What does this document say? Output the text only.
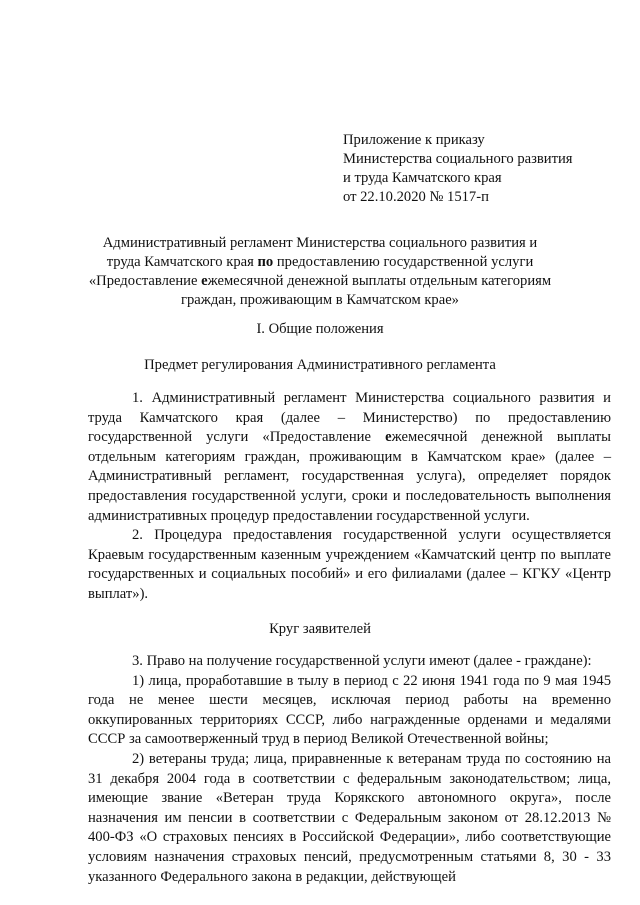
Приложение к приказу
Министерства социального развития
и труда Камчатского края
от 22.10.2020 № 1517-п
Административный регламент Министерства социального развития и труда Камчатского края по предоставлению государственной услуги «Предоставление ежемесячной денежной выплаты отдельным категориям граждан, проживающим в Камчатском крае»
I. Общие положения
Предмет регулирования Административного регламента

1. Административный регламент Министерства социального развития и труда Камчатского края (далее – Министерство) по предоставлению государственной услуги «Предоставление ежемесячной денежной выплаты отдельным категориям граждан, проживающим в Камчатском крае» (далее – Административный регламент, государственная услуга), определяет порядок предоставления государственной услуги, сроки и последовательность выполнения административных процедур предоставлении государственной услуги.

2. Процедура предоставления государственной услуги осуществляется Краевым государственным казенным учреждением «Камчатский центр по выплате государственных и социальных пособий» и его филиалами (далее – КГКУ «Центр выплат»).

Круг заявителей

3. Право на получение государственной услуги имеют (далее - граждане):

1) лица, проработавшие в тылу в период с 22 июня 1941 года по 9 мая 1945 года не менее шести месяцев, исключая период работы на временно оккупированных территориях СССР, либо награжденные орденами и медалями СССР за самоотверженный труд в период Великой Отечественной войны;

2) ветераны труда; лица, приравненные к ветеранам труда по состоянию на 31 декабря 2004 года в соответствии с федеральным законодательством; лица, имеющие звание «Ветеран труда Корякского автономного округа», после назначения им пенсии в соответствии с Федеральным законом от 28.12.2013 № 400-ФЗ «О страховых пенсиях в Российской Федерации», либо соответствующие условиям назначения страховых пенсий, предусмотренным статьями 8, 30 - 33 указанного Федерального закона в редакции, действующей
